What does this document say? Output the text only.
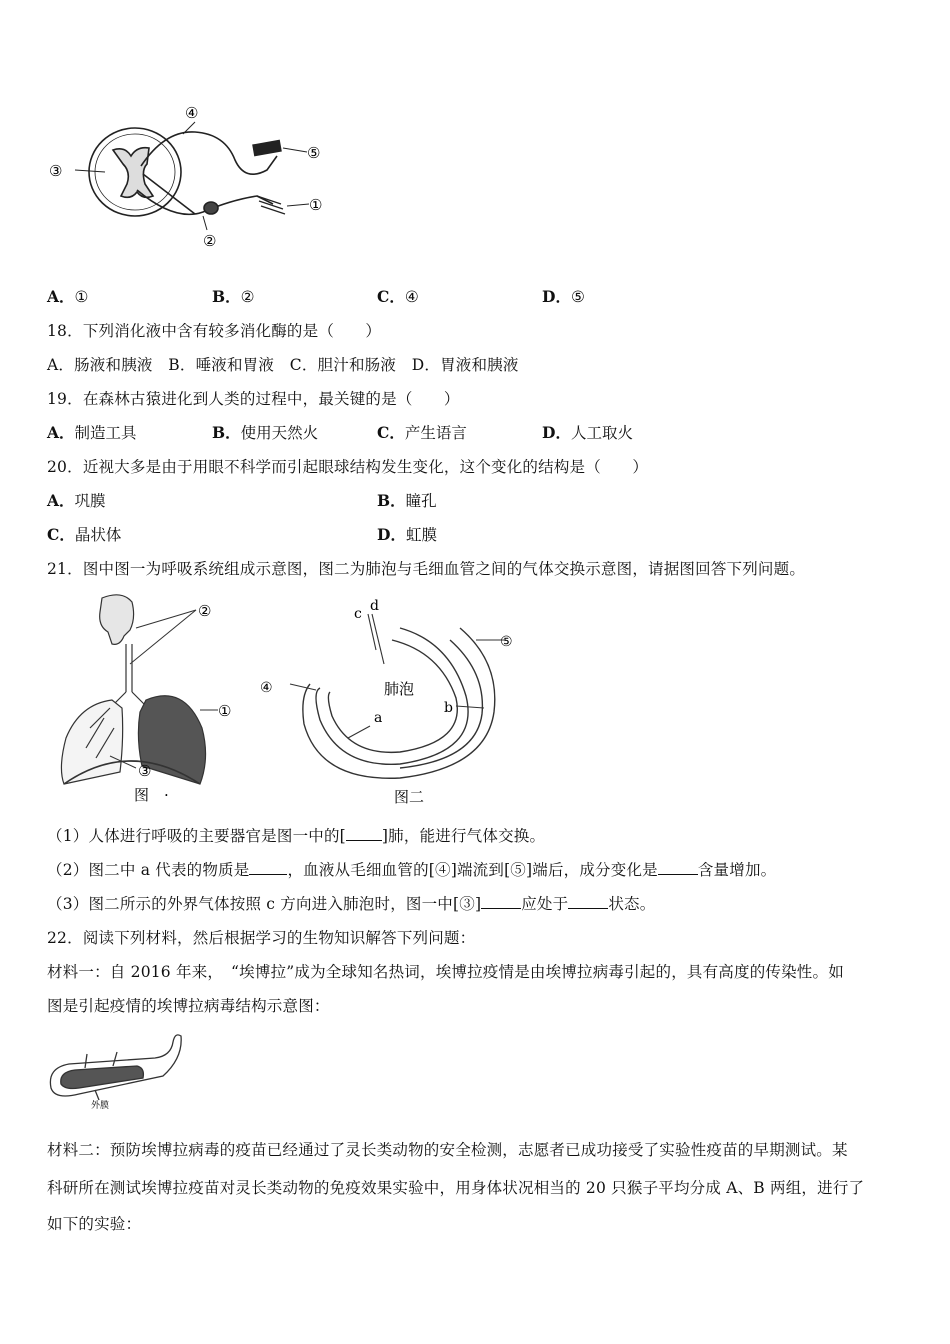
③
④
⑤
①
②
A．①	B．②	C．④	D．⑤
18．下列消化液中含有较多消化酶的是（　　）
A．肠液和胰液　B．唾液和胃液　C．胆汁和肠液　D．胃液和胰液
19．在森林古猿进化到人类的过程中，最关键的是（　　）
A．制造工具	B．使用天然火	C．产生语言	D．人工取火
20．近视大多是由于用眼不科学而引起眼球结构发生变化，这个变化的结构是（　　）
A．巩膜	B．瞳孔
C．晶状体	D．虹膜
21．图中图一为呼吸系统组成示意图，图二为肺泡与毛细血管之间的气体交换示意图，请据图回答下列问题。
②
①
③
图　·
c d
⑤
④
a
b
肺泡
图二
（1）人体进行呼吸的主要器官是图一中的[ ]肺，能进行气体交换。
（2）图二中 a 代表的物质是 ，血液从毛细血管的[④]端流到[⑤]端后，成分变化是	含量增加。
（3）图二所示的外界气体按照 c 方向进入肺泡时，图一中[③]	应处于	状态。
22．阅读下列材料，然后根据学习的生物知识解答下列问题：
材料一：自 2016 年来，　“埃博拉”成为全球知名热词，埃博拉疫情是由埃博拉病毒引起的，具有高度的传染性。如
图是引起疫情的埃博拉病毒结构示意图：
外膜
材料二：预防埃博拉病毒的疫苗已经通过了灵长类动物的安全检测，志愿者已成功接受了实验性疫苗的早期测试。某
科研所在测试埃博拉疫苗对灵长类动物的免疫效果实验中，用身体状况相当的 20 只猴子平均分成 A、B 两组，进行了
如下的实验：
